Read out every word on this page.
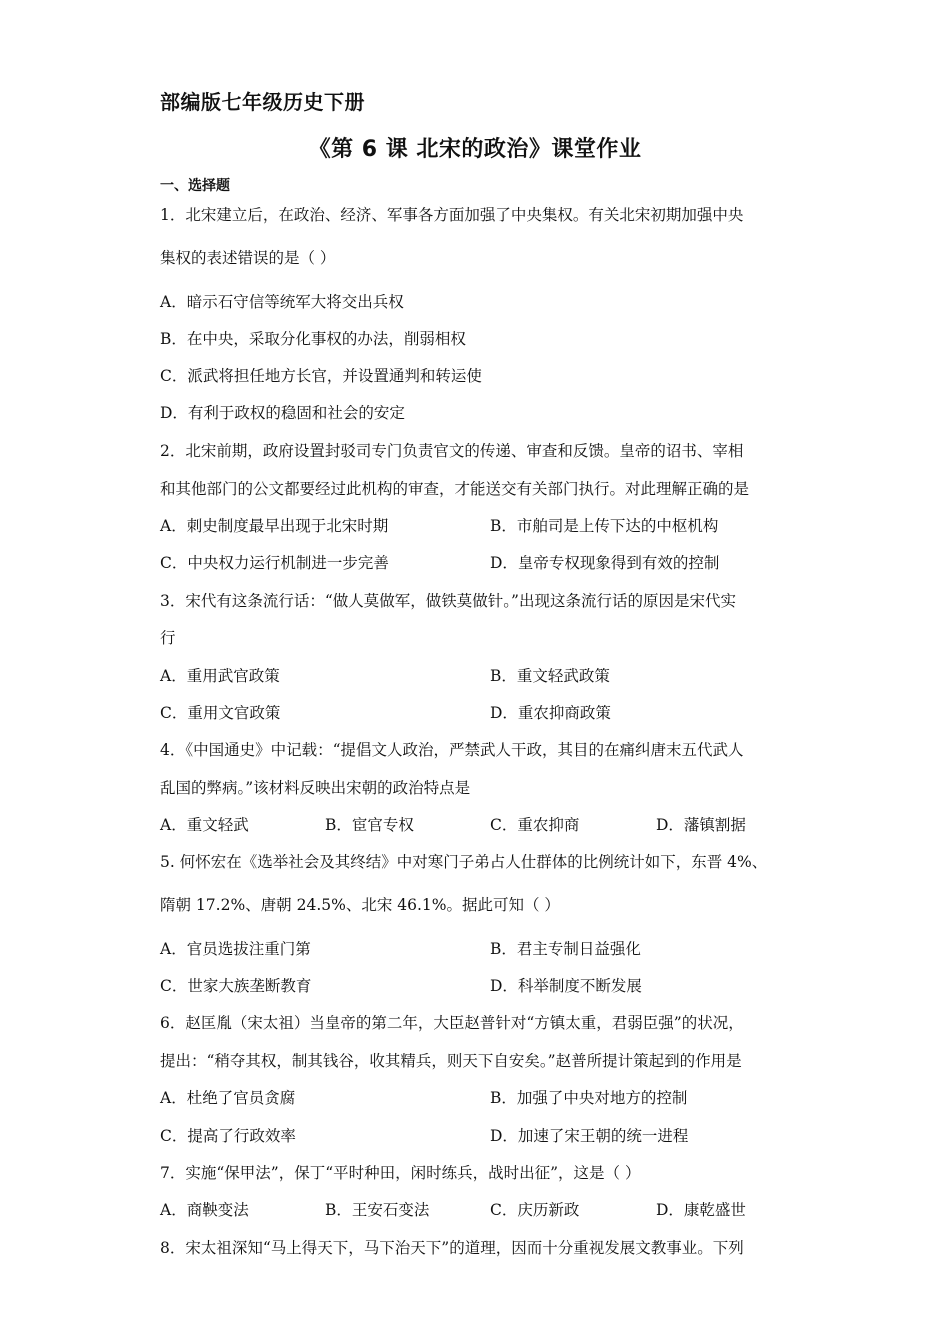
部编版七年级历史下册
《第 6 课 北宋的政治》课堂作业
一、选择题
1．北宋建立后，在政治、经济、军事各方面加强了中央集权。有关北宋初期加强中央
集权的表述错误的是（ ）
A．暗示石守信等统军大将交出兵权
B．在中央，采取分化事权的办法，削弱相权
C．派武将担任地方长官，并设置通判和转运使
D．有利于政权的稳固和社会的安定
2．北宋前期，政府设置封驳司专门负责官文的传递、审查和反馈。皇帝的诏书、宰相
和其他部门的公文都要经过此机构的审查，才能送交有关部门执行。对此理解正确的是
A．刺史制度最早出现于北宋时期	B．市舶司是上传下达的中枢机构
C．中央权力运行机制进一步完善	D．皇帝专权现象得到有效的控制
3．宋代有这条流行话：“做人莫做军，做铁莫做针。”出现这条流行话的原因是宋代实
行
A．重用武官政策	B．重文轻武政策
C．重用文官政策	D．重农抑商政策
4．《中国通史》中记载：“提倡文人政治，严禁武人干政，其目的在痛纠唐末五代武人
乱国的弊病。”该材料反映出宋朝的政治特点是
A．重文轻武	B．宦官专权	C．重农抑商	D．藩镇割据
5. 何怀宏在《选举社会及其终结》中对寒门子弟占人仕群体的比例统计如下，东晋 4%、
隋朝 17.2%、唐朝 24.5%、北宋 46.1%。据此可知（ ）
A．官员选拔注重门第	B．君主专制日益强化
C．世家大族垄断教育	D．科举制度不断发展
6．赵匡胤（宋太祖）当皇帝的第二年，大臣赵普针对“方镇太重，君弱臣强”的状况，
提出：“稍夺其权，制其钱谷，收其精兵，则天下自安矣。”赵普所提计策起到的作用是
A．杜绝了官员贪腐	B．加强了中央对地方的控制
C．提高了行政效率	D．加速了宋王朝的统一进程
7．实施“保甲法”，保丁“平时种田，闲时练兵，战时出征”，这是（ ）
A．商鞅变法	B．王安石变法	C．庆历新政	D．康乾盛世
8．宋太祖深知“马上得天下，马下治天下”的道理，因而十分重视发展文教事业。下列
